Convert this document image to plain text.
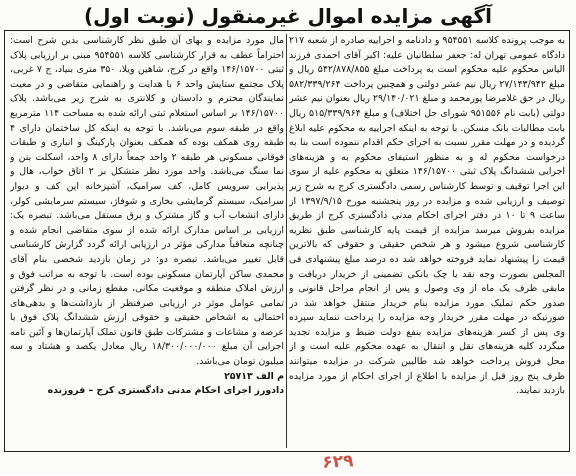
آگهی مزایده اموال غیرمنقول (نوبت اول)

به موجب پرونده کلاسه ۹۵۴۵۵۱ و دادنامه و اجراییه صادره از شعبه ۲۱۷ دادگاه عمومی تهران له: جعفر سلطانیان علیه: اکبر آقای احمدی فرزند الیاس محکوم علیه محکوم است به پرداخت مبلغ ۵۴۲/۸۷۸/۸۵۵ ریال و مبلغ ۲۷/۱۴۳/۹۴۲ ریال نیم عشر دولتی و همچنین پرداخت ۵۸۲/۳۳۹/۲۶۴ ریال در حق غلامرضا پورمحمد و مبلغ ۲۹/۱۴۰/۰۲۱ ریال بعنوان نیم عشر دولتی (بابت نام ۹۵۱۵۵۶ شورای حل اختلاف) و مبلغ ۵۱۵/۳۳۹/۹۶۴ ریال بابت مطالبات بانک مسکن. با توجه به اینکه اجراییه به محکوم علیه ابلاغ گردیده و در مهلت مقرر نسبت به اجرای حکم اقدام ننموده است بنا به درخواست محکوم له و به منظور استیفای محکوم به و هزینه‌های اجرایی ششدانگ پلاک ثبتی ۱۴۶/۱۵۷۰۰ متعلق به محکوم علیه از سوی این اجرا توقیف و توسط کارشناس رسمی دادگستری کرج به شرح زیر توصیف و ارزیابی شده و مزایده در روز پنجشنبه مورخ ۱۳۹۷/۹/۱۵ از ساعت ۹ تا ۱۰ در دفتر اجرای احکام مدنی دادگستری کرج از طریق مزایده بفروش میرسد مزایده از قیمت پایه کارشناسی طبق نظریه کارشناسی شروع میشود و هر شخص حقیقی و حقوقی که بالاترین قیمت را پیشنهاد نماید فروخته خواهد شد ده درصد مبلغ پیشنهادی فی المجلس بصورت وجه نقد یا چک بانکی تضمینی از خریدار دریافت و مابقی ظرف یک ماه از وی وصول و پس از انجام مراحل قانونی و صدور حکم تملیک مورد مزایده بنام خریدار منتقل خواهد شد در صورتیکه در مهلت مقرر خریدار وجه مزایده را پرداخت ننماید سپرده وی پس از کسر هزینه‌های مزایده بنفع دولت ضبط و مزایده تجدید میگردد کلیه هزینه‌های نقل و انتقال به عهده محکوم علیه است و از محل فروش پرداخت خواهد شد طالبین شرکت در مزایده میتوانند ظرف پنج روز قبل از مزایده با اطلاع از اجرای احکام از مورد مزایده بازدید نمایند.

مال مورد مزایده و بهای آن طبق نظر کارشناسی بدین شرح است: احتراماً عطف به قرار کارشناسی کلاسه ۹۵۴۵۵۱ مبنی بر ارزیابی پلاک ثبتی ۱۴۶/۱۵۷۰۰ واقع در کرج، شاهین ویلا، ۳۵۰ متری بنیاد، ج ۷ غربی، پلاک مجتمع ستایش واحد ۶ با هدایت و راهنمایی متقاضی و در معیت نمایندگان محترم و دادستان و کلانتری به شرح زیر می‌باشد. پلاک ۱۴۶/۱۵۷۰۰ بر اساس استعلام ثبتی ارائه شده به مساحت ۱۱۴ مترمربع واقع در طبقه سوم می‌باشد. با توجه به اینکه کل ساختمان دارای ۴ طبقه روی همکف بوده که همکف بعنوان پارکینگ و انباری و طبقات فوقانی مسکونی هر طبقه ۲ واحد جمعاً دارای ۸ واحد، اسکلت بتن و نما سنگ می‌باشد. واحد مورد نظر متشکل بر ۲ اتاق خواب، هال و پذیرایی سرویس کامل، کف سرامیک، آشپزخانه اپن کف و دیوار سرامیک، سیستم گرمایشی بخاری و شوفاژ، سیستم سرمایشی کولر، دارای انشعاب آب و گاز مشترک و برق مستقل می‌باشد. تبصره یک: ارزیابی بر اساس مدارک ارائه شده از سوی متقاضی انجام شده و چنانچه متعاقباً مدارکی مؤثر در ارزیابی ارائه گردد گزارش کارشناسی قابل تغییر می‌باشد. تبصره دو: در زمان بازدید شخصی بنام آقای محمدی ساکن آپارتمان مسکونی بوده است. با توجه به مراتب فوق و ارزش املاک منطقه و موقعیت مکانی، مقطع زمانی و در نظر گرفتن تمامی عوامل موثر در ارزیابی صرفنظر از بازداشت‌ها و بدهی‌های احتمالی به اشخاص حقیقی و حقوقی ارزش ششدانگ پلاک فوق با عرصه و مشاعات و مشترکات طبق قانون تملک آپارتمان‌ها و آئین نامه اجرایی آن مبلغ ۱۸/۳۰۰/۰۰۰/۰۰۰ ریال معادل یکصد و هشتاد و سه میلیون تومان می‌باشد.

م الف ۲۵۷۱۳

دادورز اجرای احکام مدنی دادگستری کرج – فروزنده

۶۲۹
